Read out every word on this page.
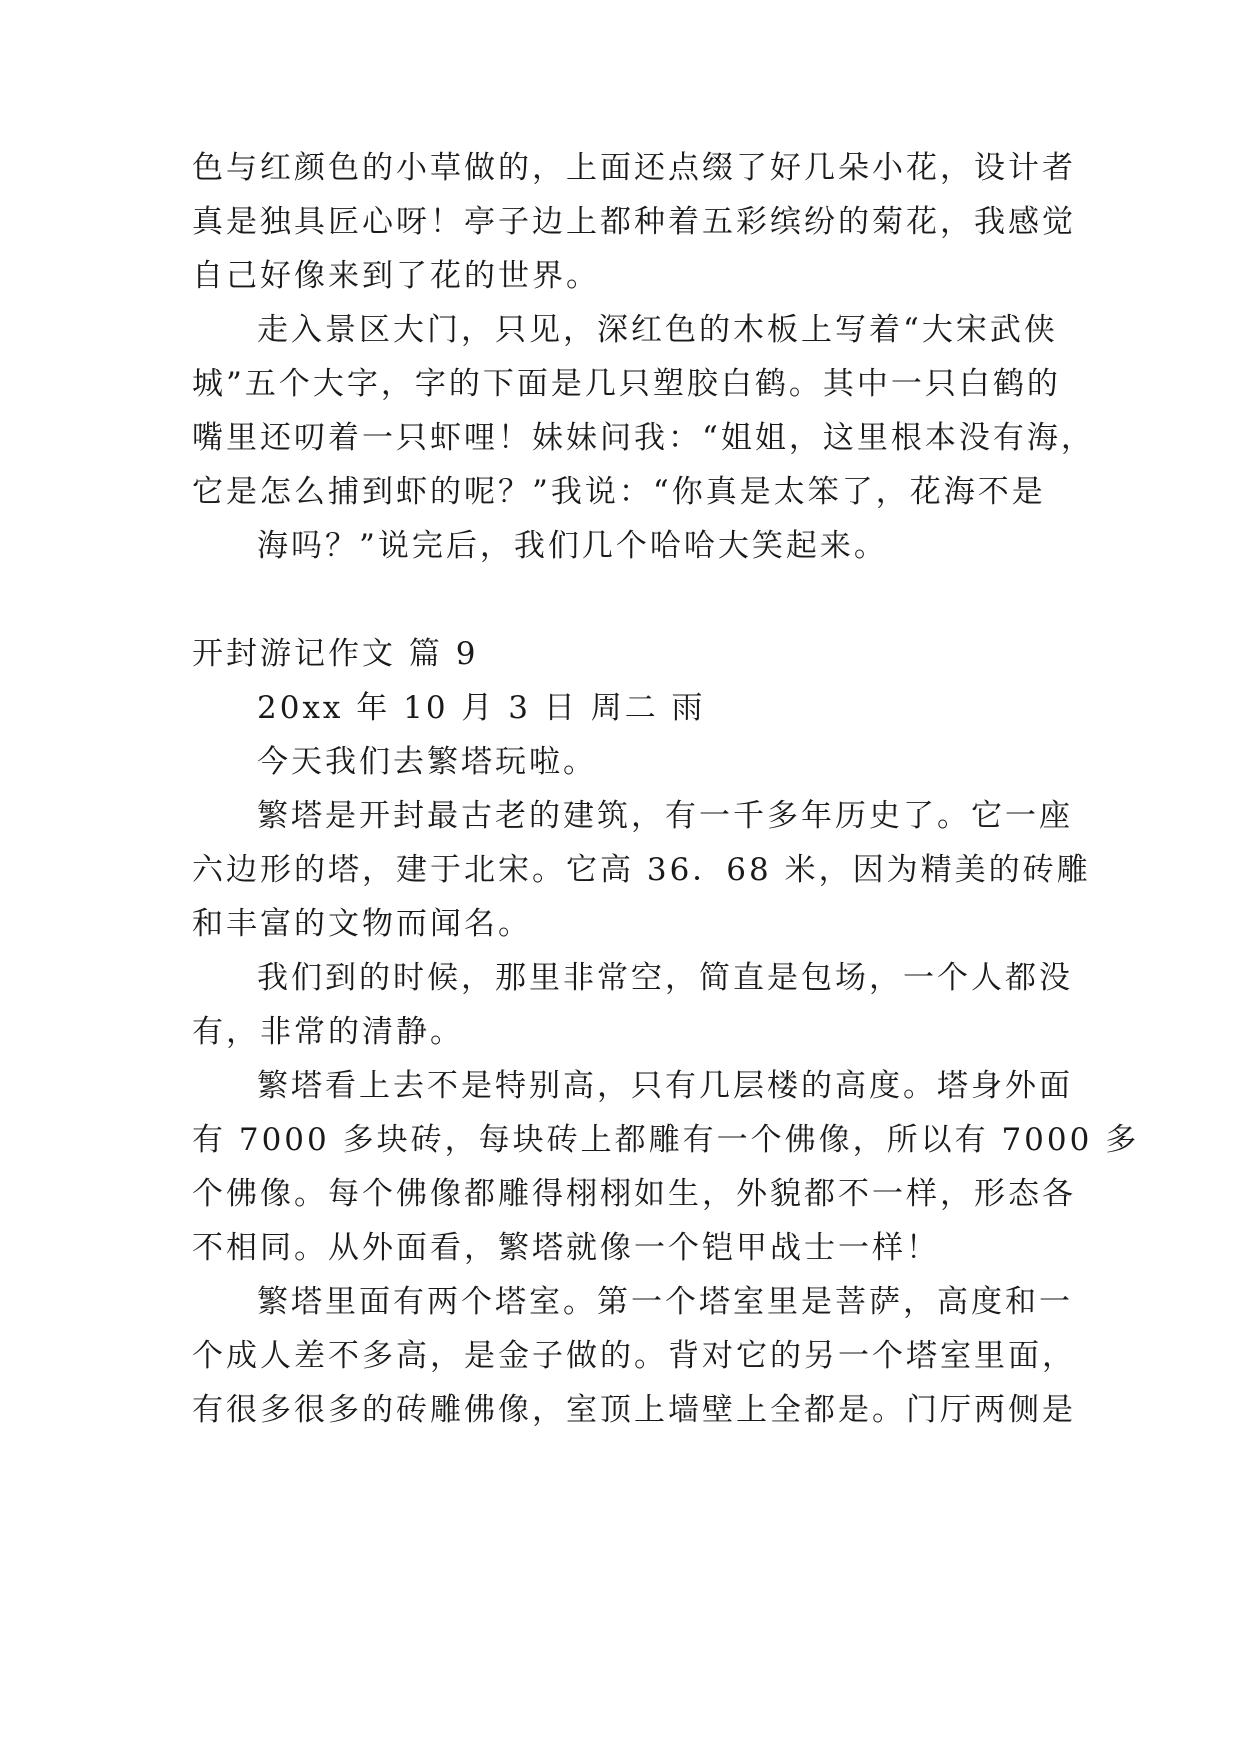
色与红颜色的小草做的，上面还点缀了好几朵小花，设计者
真是独具匠心呀！亭子边上都种着五彩缤纷的菊花，我感觉
自己好像来到了花的世界。
走入景区大门，只见，深红色的木板上写着“大宋武侠
城”五个大字，字的下面是几只塑胶白鹤。其中一只白鹤的
嘴里还叨着一只虾哩！妹妹问我：“姐姐，这里根本没有海，
它是怎么捕到虾的呢？”我说：“你真是太笨了，花海不是
海吗？”说完后，我们几个哈哈大笑起来。
开封游记作文 篇 9
20xx 年 10 月 3 日 周二 雨
今天我们去繁塔玩啦。
繁塔是开封最古老的建筑，有一千多年历史了。它一座
六边形的塔，建于北宋。它高 36．68 米，因为精美的砖雕
和丰富的文物而闻名。
我们到的时候，那里非常空，简直是包场，一个人都没
有，非常的清静。
繁塔看上去不是特别高，只有几层楼的高度。塔身外面
有 7000 多块砖，每块砖上都雕有一个佛像，所以有 7000 多
个佛像。每个佛像都雕得栩栩如生，外貌都不一样，形态各
不相同。从外面看，繁塔就像一个铠甲战士一样！
繁塔里面有两个塔室。第一个塔室里是菩萨，高度和一
个成人差不多高，是金子做的。背对它的另一个塔室里面，
有很多很多的砖雕佛像，室顶上墙壁上全都是。门厅两侧是
